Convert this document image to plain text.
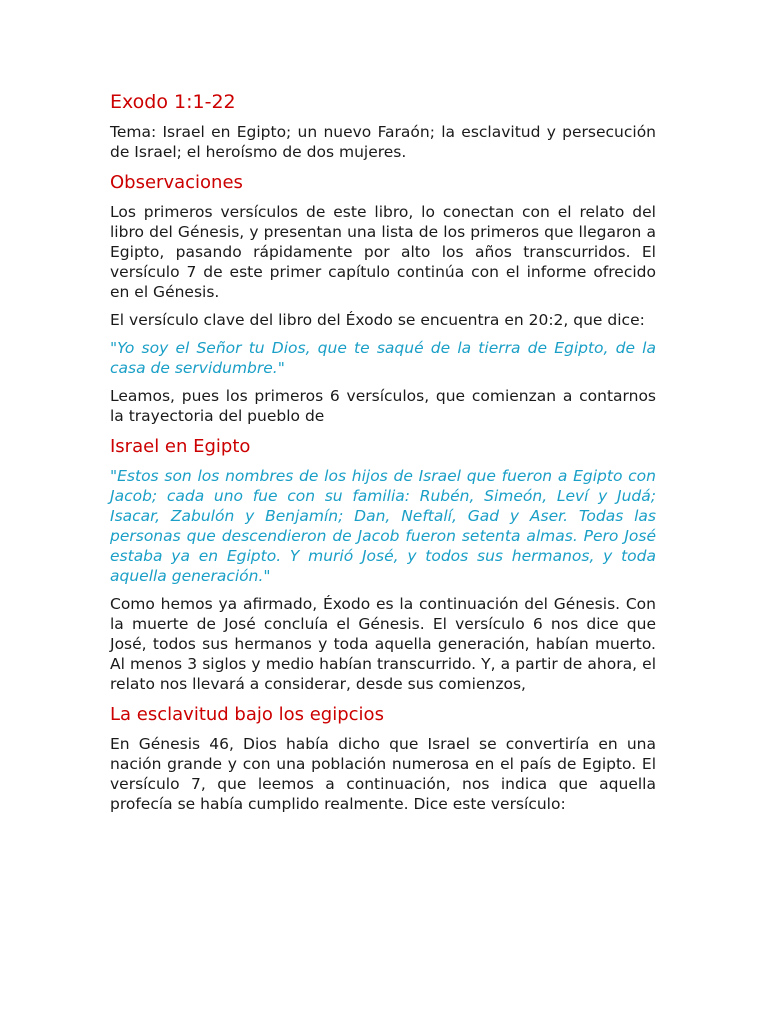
Exodo 1:1-22

Tema: Israel en Egipto; un nuevo Faraón; la esclavitud y persecución de Israel; el heroísmo de dos mujeres.

Observaciones

Los primeros versículos de este libro, lo conectan con el relato del libro del Génesis, y presentan una lista de los primeros que llegaron a Egipto, pasando rápidamente por alto los años transcurridos. El versículo 7 de este primer capítulo continúa con el informe ofrecido en el Génesis.

El versículo clave del libro del Éxodo se encuentra en 20:2, que dice:

"Yo soy el Señor tu Dios, que te saqué de la tierra de Egipto, de la casa de servidumbre."

Leamos, pues los primeros 6 versículos, que comienzan a contarnos la trayectoria del pueblo de

Israel en Egipto

"Estos son los nombres de los hijos de Israel que fueron a Egipto con Jacob; cada uno fue con su familia: Rubén, Simeón, Leví y Judá; Isacar, Zabulón y Benjamín; Dan, Neftalí, Gad y Aser. Todas las personas que descendieron de Jacob fueron setenta almas. Pero José estaba ya en Egipto. Y murió José, y todos sus hermanos, y toda aquella generación."

Como hemos ya afirmado, Éxodo es la continuación del Génesis. Con la muerte de José concluía el Génesis. El versículo 6 nos dice que José, todos sus hermanos y toda aquella generación, habían muerto. Al menos 3 siglos y medio habían transcurrido. Y, a partir de ahora, el relato nos llevará a considerar, desde sus comienzos,

La esclavitud bajo los egipcios

En Génesis 46, Dios había dicho que Israel se convertiría en una nación grande y con una población numerosa en el país de Egipto. El versículo 7, que leemos a continuación, nos indica que aquella profecía se había cumplido realmente. Dice este versículo:
